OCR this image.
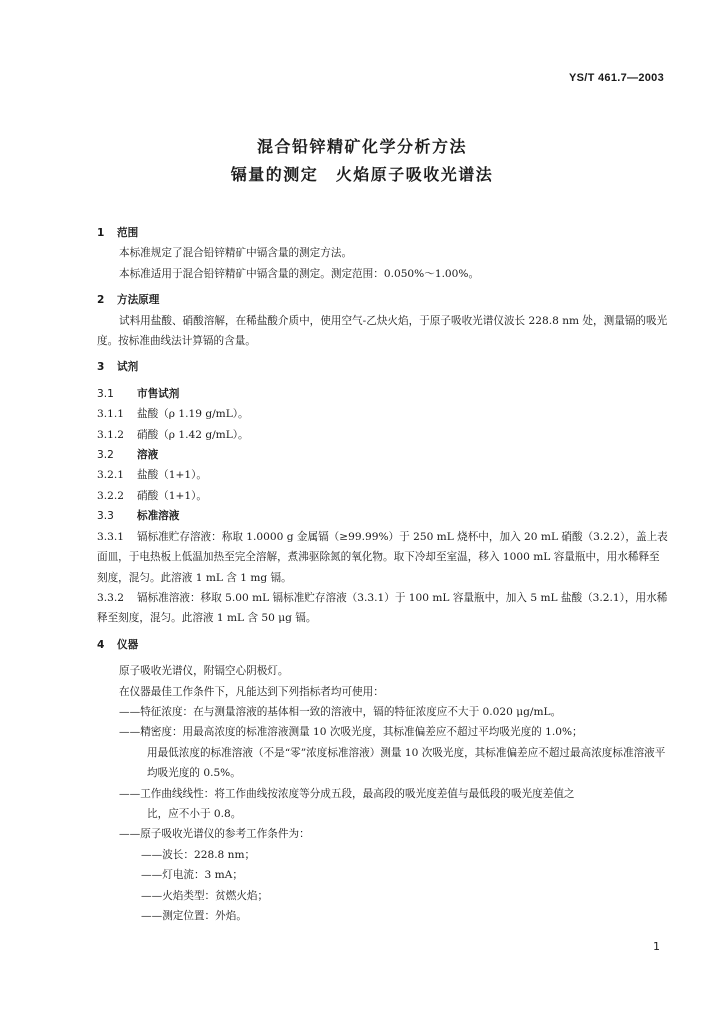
YS/T 461.7—2003
混合铅锌精矿化学分析方法
镉量的测定　火焰原子吸收光谱法
1 范围

本标准规定了混合铅锌精矿中镉含量的测定方法。

本标准适用于混合铅锌精矿中镉含量的测定。测定范围：0.050%～1.00%。

2 方法原理

试料用盐酸、硝酸溶解，在稀盐酸介质中，使用空气-乙炔火焰，于原子吸收光谱仪波长 228.8 nm 处，测量镉的吸光度。按标准曲线法计算镉的含量。

3 试剂

3.1 市售试剂

3.1.1 盐酸（ρ 1.19 g/mL）。

3.1.2 硝酸（ρ 1.42 g/mL）。

3.2 溶液

3.2.1 盐酸（1+1）。

3.2.2 硝酸（1+1）。

3.3 标准溶液

3.3.1 镉标准贮存溶液：称取 1.0000 g 金属镉（≥99.99%）于 250 mL 烧杯中，加入 20 mL 硝酸（3.2.2），盖上表面皿，于电热板上低温加热至完全溶解，煮沸驱除氮的氧化物。取下冷却至室温，移入 1000 mL 容量瓶中，用水稀释至刻度，混匀。此溶液 1 mL 含 1 mg 镉。

3.3.2 镉标准溶液：移取 5.00 mL 镉标准贮存溶液（3.3.1）于 100 mL 容量瓶中，加入 5 mL 盐酸（3.2.1），用水稀释至刻度，混匀。此溶液 1 mL 含 50 μg 镉。

4 仪器

原子吸收光谱仪，附镉空心阴极灯。

在仪器最佳工作条件下，凡能达到下列指标者均可使用：

——特征浓度：在与测量溶液的基体相一致的溶液中，镉的特征浓度应不大于 0.020 μg/mL。

——精密度：用最高浓度的标准溶液测量 10 次吸光度，其标准偏差应不超过平均吸光度的 1.0%；

用最低浓度的标准溶液（不是“零”浓度标准溶液）测量 10 次吸光度，其标准偏差应不超过最高浓度标准溶液平均吸光度的 0.5%。

——工作曲线线性：将工作曲线按浓度等分成五段，最高段的吸光度差值与最低段的吸光度差值之

比，应不小于 0.8。

——原子吸收光谱仪的参考工作条件为：

——波长：228.8 nm；

——灯电流：3 mA；

——火焰类型：贫燃火焰；

——测定位置：外焰。

1
